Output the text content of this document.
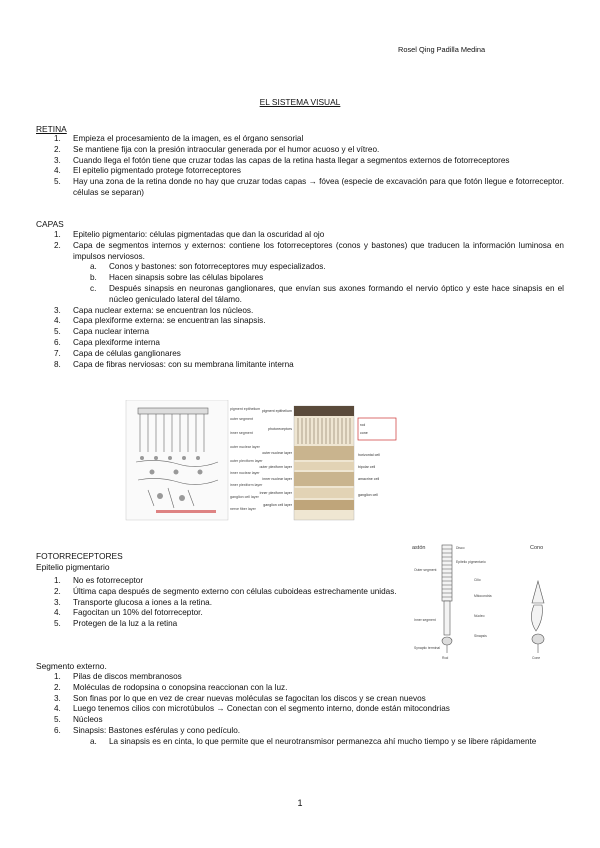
Rosel Qing Padilla Medina
EL SISTEMA VISUAL
RETINA
1. Empieza el procesamiento de la imagen, es el órgano sensorial
2. Se mantiene fija con la presión intraocular generada por el humor acuoso y el vítreo.
3. Cuando llega el fotón tiene que cruzar todas las capas de la retina hasta llegar a segmentos externos de fotorreceptores
4. El epitelio pigmentado protege fotorreceptores
5. Hay una zona de la retina donde no hay que cruzar todas capas → fóvea (especie de excavación para que fotón llegue e fotorreceptor. células se separan)
CAPAS
1. Epitelio pigmentario: células pigmentadas que dan la oscuridad al ojo
2. Capa de segmentos internos y externos: contiene los fotorreceptores (conos y bastones) que traducen la información luminosa en impulsos nerviosos.
a. Conos y bastones: son fotorreceptores muy especializados.
b. Hacen sinapsis sobre las células bipolares
c. Después sinapsis en neuronas ganglionares, que envían sus axones formando el nervio óptico y este hace sinapsis en el núcleo geniculado lateral del tálamo.
3. Capa nuclear externa: se encuentran los núcleos.
4. Capa plexiforme externa: se encuentran las sinapsis.
5. Capa nuclear interna
6. Capa plexiforme interna
7. Capa de células ganglionares
8. Capa de fibras nerviosas: con su membrana limitante interna
pigment epithelium
outer segment
inner segment
outer nuclear layer
outer plexiform layer
inner nuclear layer
inner plexiform layer
ganglion cell layer
nerve fiber layer
pigment epithelium
photoreceptors
outer nuclear layer
outer plexiform layer
inner nuclear layer
inner plexiform layer
ganglion cell layer
rod
cone
horizontal cell
bipolar cell
amacrine cell
ganglion cell
FOTORRECEPTORES
Epitelio pigmentario
1. No es fotorreceptor
2. Última capa después de segmento externo con células cuboideas estrechamente unidas.
3. Transporte glucosa a iones a la retina.
4. Fagocitan un 10% del fotorreceptor.
5. Protegen de la luz a la retina
astón	Cono
Disco
Epitelio pigmentario
Cilio
Mitocondria
Núcleo
Sinapsis
Outer segment
Inner segment
Synaptic terminal
Rod	Cone
Segmento externo.
1. Pilas de discos membranosos
2. Moléculas de rodopsina o conopsina reaccionan con la luz.
3. Son finas por lo que en vez de crear nuevas moléculas se fagocitan los discos y se crean nuevos
4. Luego tenemos cilios con microtúbulos → Conectan con el segmento interno, donde están mitocondrias
5. Núcleos
6. Sinapsis: Bastones esférulas y cono pedículo.
a. La sinapsis es en cinta, lo que permite que el neurotransmisor permanezca ahí mucho tiempo y se libere rápidamente
1
